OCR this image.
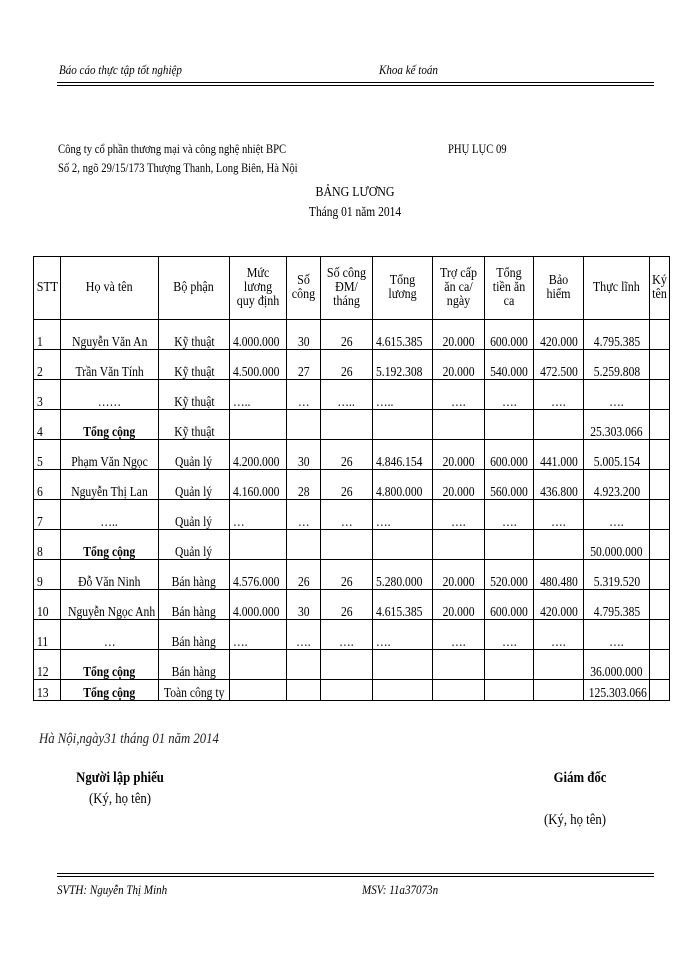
Báo cáo thực tập tốt nghiệp	Khoa kế toán
Công ty cổ phần thương mại và công nghệ nhiệt BPC
Số 2, ngõ 29/15/173 Thượng Thanh, Long Biên, Hà Nội
PHỤ LỤC 09
BẢNG LƯƠNG
Tháng 01 năm 2014
STT	Họ và tên	Bộ phận	Mức lương quy định	Số công	Số công ĐM/ tháng	Tổng lương	Trợ cấp ăn ca/ ngày	Tổng tiền ăn ca	Bảo hiểm	Thực lĩnh	Ký tên
1	Nguyễn Văn An	Kỹ thuật	4.000.000	30	26	4.615.385	20.000	600.000	420.000	4.795.385	
2	Trần Văn Tính	Kỹ thuật	4.500.000	27	26	5.192.308	20.000	540.000	472.500	5.259.808	
3	……	Kỹ thuật	…..	…	…..	…..	….	….	….	….	
4	Tổng cộng	Kỹ thuật								25.303.066	
5	Phạm Văn Ngọc	Quản lý	4.200.000	30	26	4.846.154	20.000	600.000	441.000	5.005.154	
6	Nguyễn Thị Lan	Quản lý	4.160.000	28	26	4.800.000	20.000	560.000	436.800	4.923.200	
7	…..	Quản lý	…	…	…	….	….	….	….	….	
8	Tổng cộng	Quản lý								50.000.000	
9	Đỗ Văn Ninh	Bán hàng	4.576.000	26	26	5.280.000	20.000	520.000	480.480	5.319.520	
10	Nguyễn Ngọc Anh	Bán hàng	4.000.000	30	26	4.615.385	20.000	600.000	420.000	4.795.385	
11	…	Bán hàng	….	….	….	….	….	….	….	….	
12	Tổng cộng	Bán hàng								36.000.000	
13	Tổng cộng	Toàn công ty								125.303.066	
Hà Nội,ngày31 tháng 01 năm 2014
Người lập phiếu
(Ký, họ tên)
Giám đốc
(Ký, họ tên)
SVTH: Nguyễn Thị Minh	MSV: 11a37073n
